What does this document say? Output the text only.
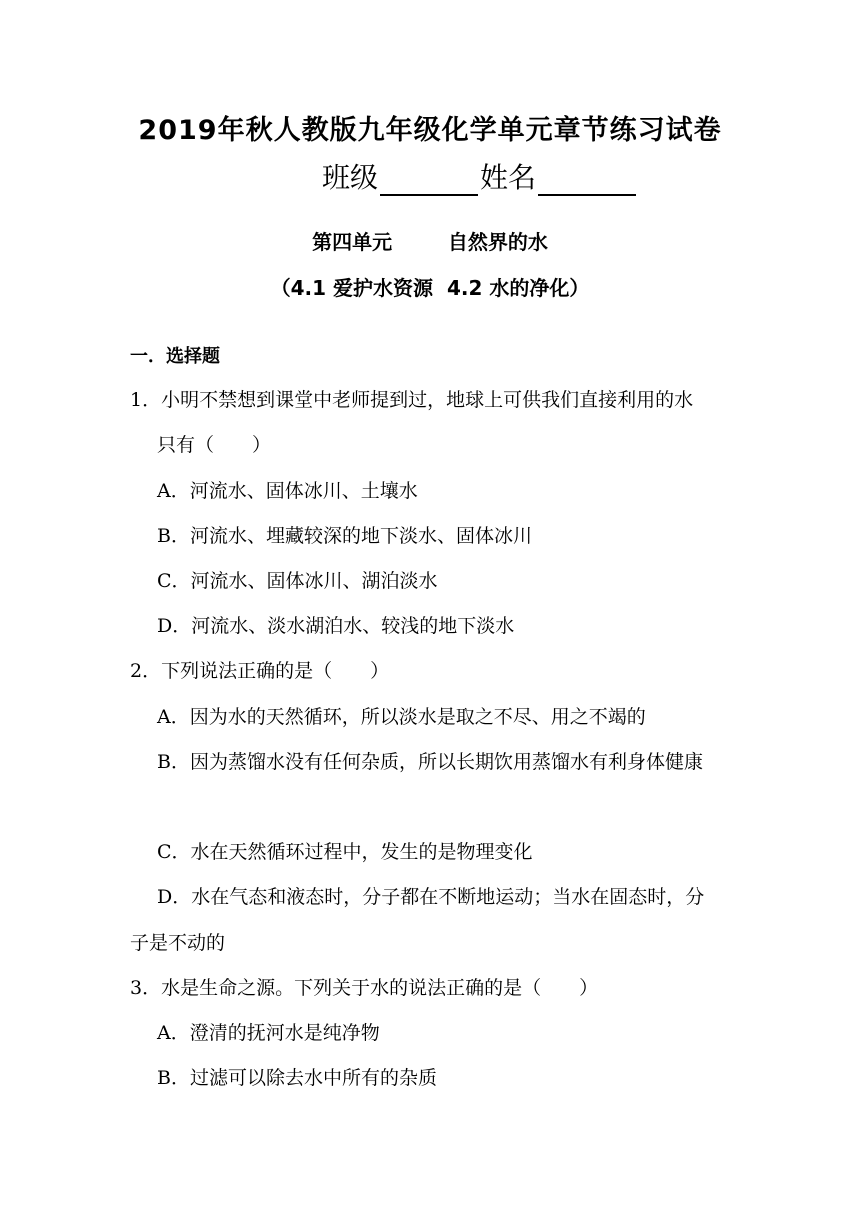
2019年秋人教版九年级化学单元章节练习试卷
班级	姓名
第四单元        自然界的水
（4.1 爱护水资源  4.2 水的净化）
一．选择题
1．小明不禁想到课堂中老师提到过，地球上可供我们直接利用的水
只有（　　）
A．河流水、固体冰川、土壤水
B．河流水、埋藏较深的地下淡水、固体冰川
C．河流水、固体冰川、湖泊淡水
D．河流水、淡水湖泊水、较浅的地下淡水
2．下列说法正确的是（　　）
A．因为水的天然循环，所以淡水是取之不尽、用之不竭的
B．因为蒸馏水没有任何杂质，所以长期饮用蒸馏水有利身体健康
C．水在天然循环过程中，发生的是物理变化
D．水在气态和液态时，分子都在不断地运动；当水在固态时，分
子是不动的
3．水是生命之源。下列关于水的说法正确的是（　　）
A．澄清的抚河水是纯净物
B．过滤可以除去水中所有的杂质
